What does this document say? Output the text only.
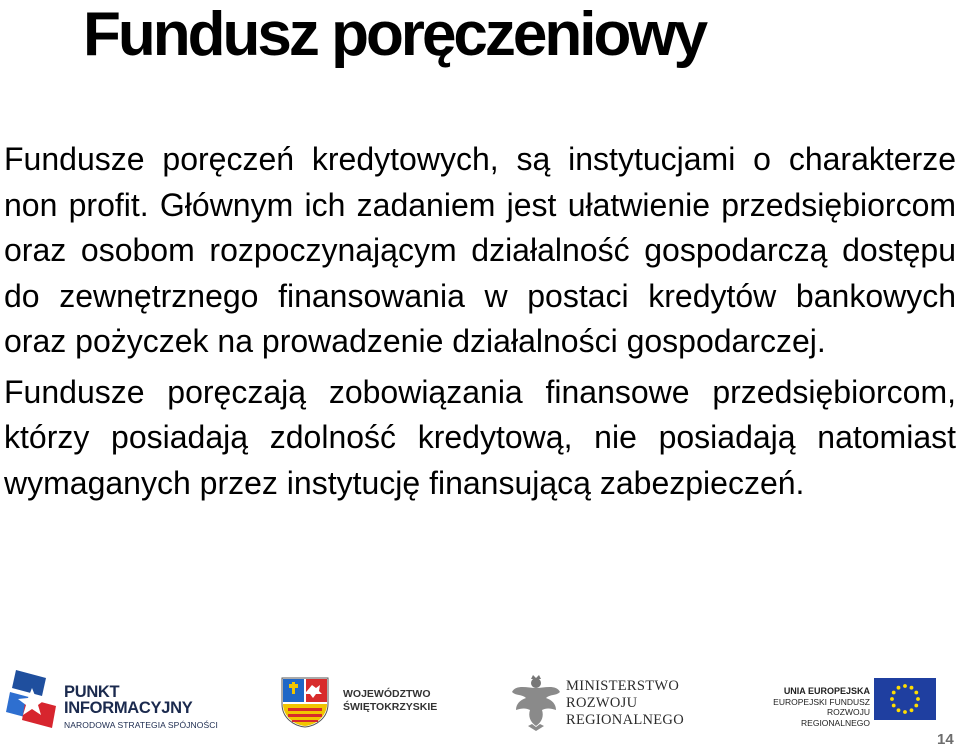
Fundusz poręczeniowy

Fundusze poręczeń kredytowych, są instytucjami o charakterze non profit. Głównym ich zadaniem jest ułatwienie przedsiębiorcom oraz osobom rozpoczynającym działalność gospodarczą dostępu do zewnętrznego finansowania w postaci kredytów bankowych oraz pożyczek na prowadzenie działalności gospodarczej.

Fundusze poręczają zobowiązania finansowe przedsiębiorcom, którzy posiadają zdolność kredytową, nie posiadają natomiast wymaganych przez instytucję finansującą zabezpieczeń.

PUNKT
INFORMACYJNY
NARODOWA STRATEGIA SPÓJNOŚCI
WOJEWÓDZTWO
ŚWIĘTOKRZYSKIE
MINISTERSTWO
ROZWOJU
REGIONALNEGO
UNIA EUROPEJSKA
EUROPEJSKI FUNDUSZ
ROZWOJU REGIONALNEGO
14
